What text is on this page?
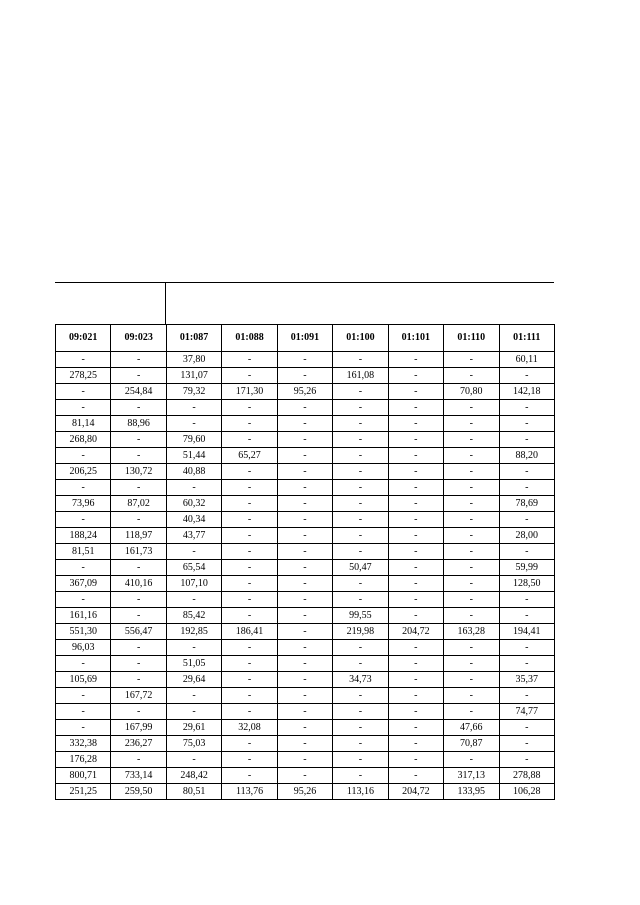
09:021	09:023	01:087	01:088	01:091	01:100	01:101	01:110	01:111
-	-	37,80	-	-	-	-	-	60,11
278,25	-	131,07	-	-	161,08	-	-	-
-	254,84	79,32	171,30	95,26	-	-	70,80	142,18
-	-	-	-	-	-	-	-	-
81,14	88,96	-	-	-	-	-	-	-
268,80	-	79,60	-	-	-	-	-	-
-	-	51,44	65,27	-	-	-	-	88,20
206,25	130,72	40,88	-	-	-	-	-	-
-	-	-	-	-	-	-	-	-
73,96	87,02	60,32	-	-	-	-	-	78,69
-	-	40,34	-	-	-	-	-	-
188,24	118,97	43,77	-	-	-	-	-	28,00
81,51	161,73	-	-	-	-	-	-	-
-	-	65,54	-	-	50,47	-	-	59,99
367,09	410,16	107,10	-	-	-	-	-	128,50
-	-	-	-	-	-	-	-	-
161,16	-	85,42	-	-	99,55	-	-	-
551,30	556,47	192,85	186,41	-	219,98	204,72	163,28	194,41
96,03	-	-	-	-	-	-	-	-
-	-	51,05	-	-	-	-	-	-
105,69	-	29,64	-	-	34,73	-	-	35,37
-	167,72	-	-	-	-	-	-	-
-	-	-	-	-	-	-	-	74,77
-	167,99	29,61	32,08	-	-	-	47,66	-
332,38	236,27	75,03	-	-	-	-	70,87	-
176,28	-	-	-	-	-	-	-	-
800,71	733,14	248,42	-	-	-	-	317,13	278,88
251,25	259,50	80,51	113,76	95,26	113,16	204,72	133,95	106,28
